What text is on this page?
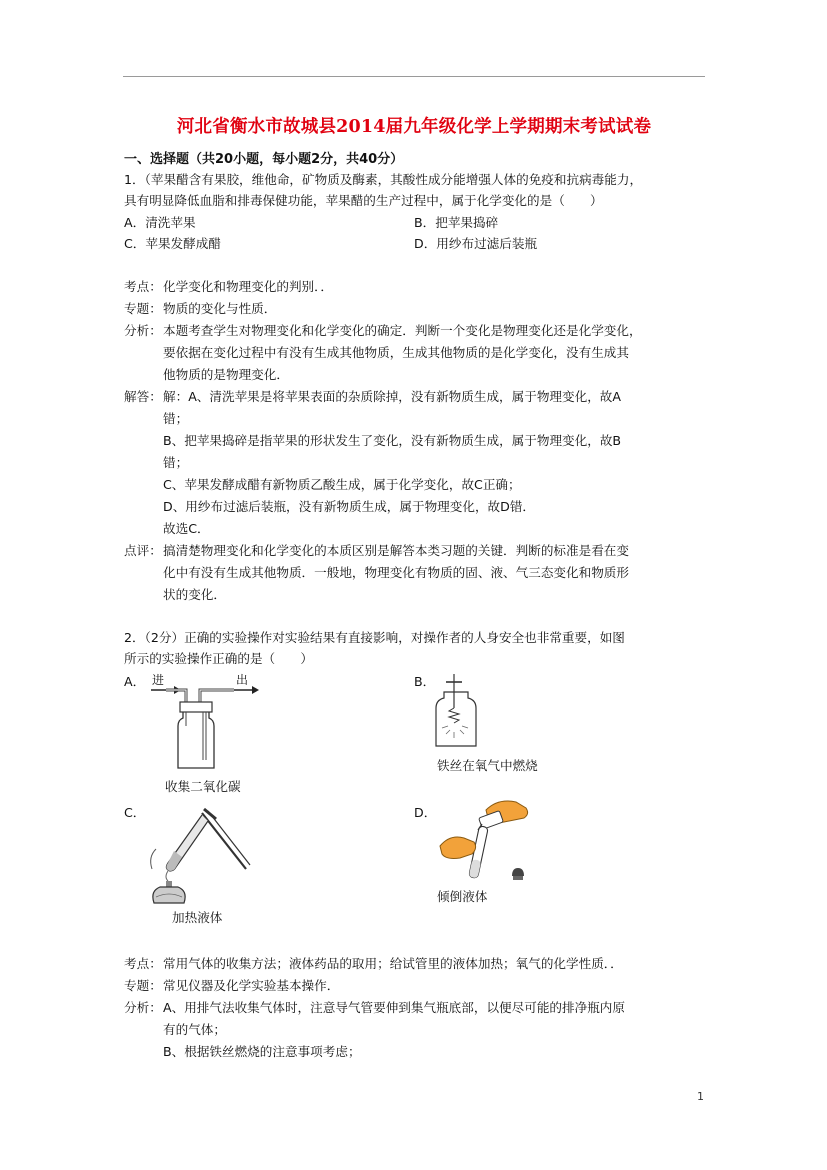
河北省衡水市故城县2014届九年级化学上学期期末考试试卷
一、选择题（共20小题，每小题2分，共40分）
1．（苹果醋含有果胶，维他命，矿物质及酶素，其酸性成分能增强人体的免疫和抗病毒能力，
具有明显降低血脂和排毒保健功能，苹果醋的生产过程中，属于化学变化的是（　　）
A．清洗苹果	B．把苹果捣碎
C．苹果发酵成醋	D．用纱布过滤后装瓶
考点： 化学变化和物理变化的判别．．
专题： 物质的变化与性质．
分析： 本题考查学生对物理变化和化学变化的确定．判断一个变化是物理变化还是化学变化，
要依据在变化过程中有没有生成其他物质，生成其他物质的是化学变化，没有生成其
他物质的是物理变化．
解答： 解：A、清洗苹果是将苹果表面的杂质除掉，没有新物质生成，属于物理变化，故A
错；
B、把苹果捣碎是指苹果的形状发生了变化，没有新物质生成，属于物理变化，故B
错；
C、苹果发酵成醋有新物质乙酸生成，属于化学变化，故C正确；
D、用纱布过滤后装瓶，没有新物质生成，属于物理变化，故D错．
故选C．
点评： 搞清楚物理变化和化学变化的本质区别是解答本类习题的关键．判断的标准是看在变
化中有没有生成其他物质．一般地，物理变化有物质的固、液、气三态变化和物质形
状的变化．
2．（2分）正确的实验操作对实验结果有直接影响，对操作者的人身安全也非常重要，如图
所示的实验操作正确的是（　　）
A． 进	出
收集二氧化碳
B．
铁丝在氧气中燃烧
C．
加热液体
D．
倾倒液体
考点： 常用气体的收集方法；液体药品的取用；给试管里的液体加热；氧气的化学性质．．
专题： 常见仪器及化学实验基本操作．
分析： A、用排气法收集气体时，注意导气管要伸到集气瓶底部，以便尽可能的排净瓶内原
有的气体；
B、根据铁丝燃烧的注意事项考虑；
1
